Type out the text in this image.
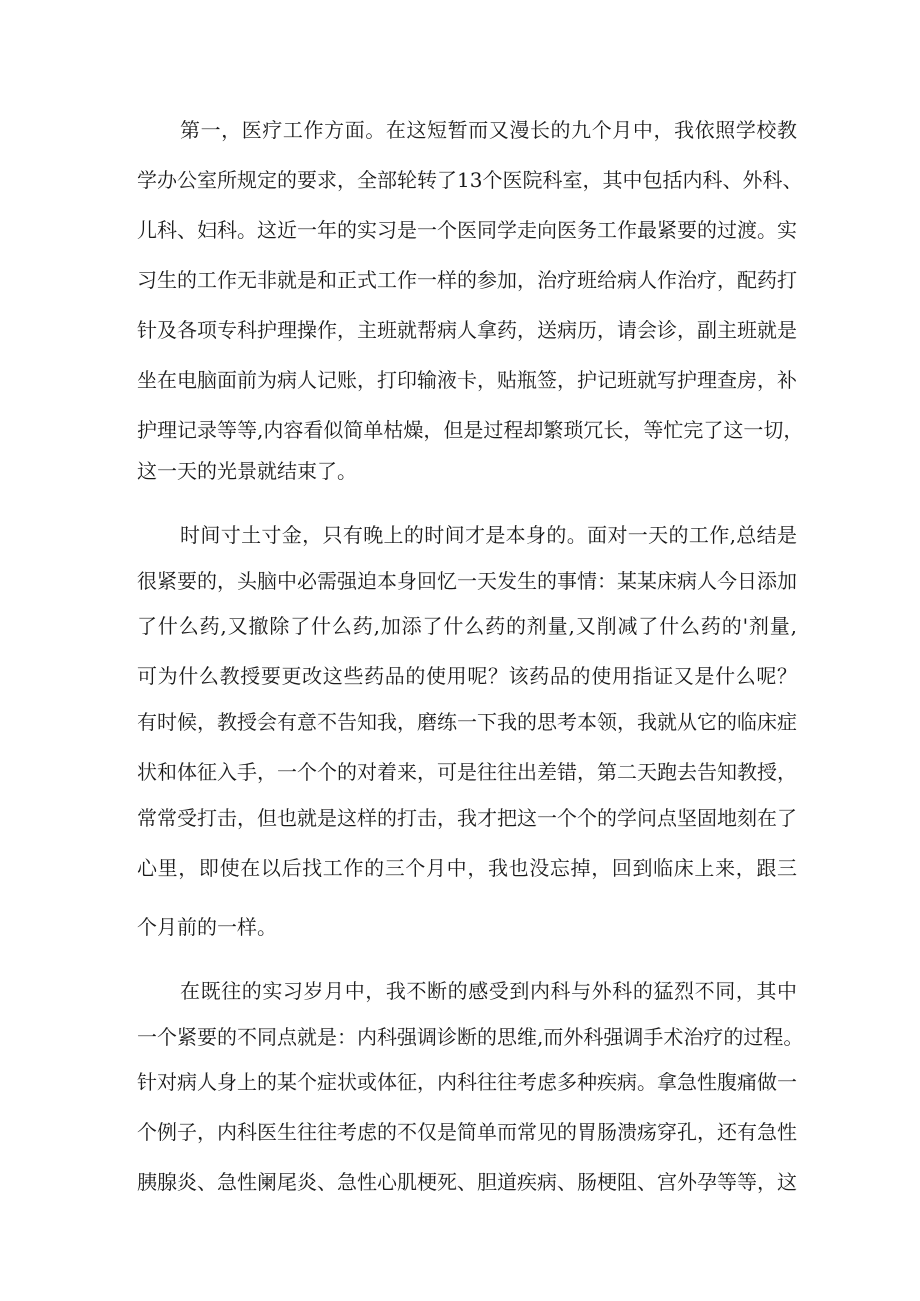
第一，医疗工作方面。在这短暂而又漫长的九个月中，我依照学校教
学办公室所规定的要求，全部轮转了13个医院科室，其中包括内科、外科、
儿科、妇科。这近一年的实习是一个医同学走向医务工作最紧要的过渡。实
习生的工作无非就是和正式工作一样的参加，治疗班给病人作治疗，配药打
针及各项专科护理操作，主班就帮病人拿药，送病历，请会诊，副主班就是
坐在电脑面前为病人记账，打印输液卡，贴瓶签，护记班就写护理查房，补
护理记录等等,内容看似简单枯燥，但是过程却繁琐冗长，等忙完了这一切，
这一天的光景就结束了。
时间寸土寸金，只有晚上的时间才是本身的。面对一天的工作,总结是
很紧要的，头脑中必需强迫本身回忆一天发生的事情：某某床病人今日添加
了什么药,又撤除了什么药,加添了什么药的剂量,又削减了什么药的'剂量,
可为什么教授要更改这些药品的使用呢？该药品的使用指证又是什么呢？
有时候，教授会有意不告知我，磨练一下我的思考本领，我就从它的临床症
状和体征入手，一个个的对着来，可是往往出差错，第二天跑去告知教授，
常常受打击，但也就是这样的打击，我才把这一个个的学问点坚固地刻在了
心里，即使在以后找工作的三个月中，我也没忘掉，回到临床上来，跟三
个月前的一样。
在既往的实习岁月中，我不断的感受到内科与外科的猛烈不同，其中
一个紧要的不同点就是：内科强调诊断的思维,而外科强调手术治疗的过程。
针对病人身上的某个症状或体征，内科往往考虑多种疾病。拿急性腹痛做一
个例子，内科医生往往考虑的不仅是简单而常见的胃肠溃疡穿孔，还有急性
胰腺炎、急性阑尾炎、急性心肌梗死、胆道疾病、肠梗阻、宫外孕等等，这
